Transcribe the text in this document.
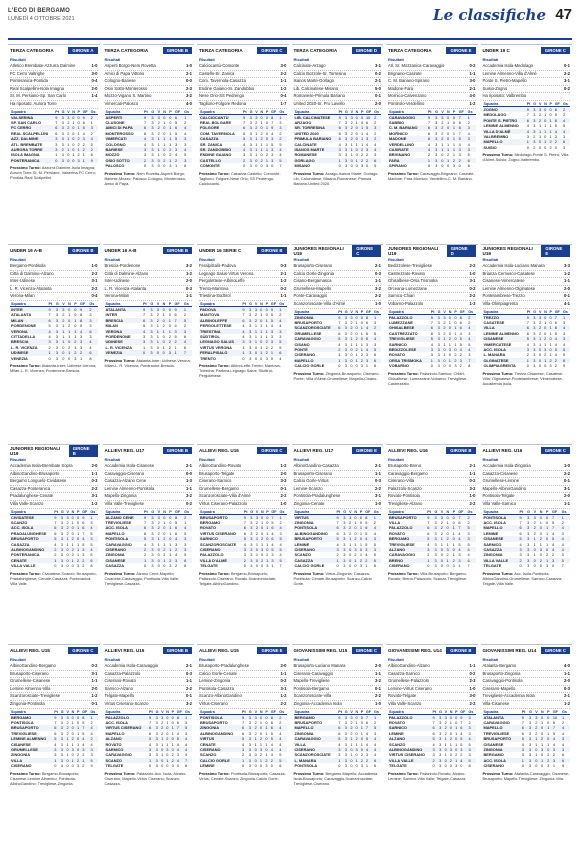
L'ECO DI BERGAMO
LUNEDÌ 4 OTTOBRE 2021	Le classifiche 47
TERZA CATEGORIA	GIRONE A
Risultati
Atletico Brembate-Azzurra Dalmine	1-0
FC Cerro Valtrighe	3-0
Ponteranica-Pontida	0-4
Real Scalpellini-Isola Imagna	2-0
Sr. M. Persiano-Sp. San Carlo	1-4
Ha riposato: Aurora Torre
Squadra	Pt	G	V	N	P	GF	Gs
VALSERINA	9	3	3	0	0	9	2
SP. SAN CARLO	7	3	2	1	0	6	1
FC CERRO	6	3	2	0	1	5	3
REAL SCALPELLINI	6	3	2	0	1	4	2
AZZ. DALMINE	3	3	1	0	2	3	4
ATL. BREMBATE	3	3	1	0	2	2	5
AURORA TORRE	3	2	1	0	1	2	2
ISOLA IMAGNA	1	3	0	1	2	1	6
PONTERANICA	0	3	0	0	3	1	9
Prossimo Turno: Azzurra Dalmine-Isola Imagna; Aurora Torre-Sr. M. Persiano; Valserina-FC Cerro; Pontida-Real Scalpellini.
TERZA CATEGORIA	GIRONE B
Risultati
Asperti Borgo-Nem Rovetta	1-0
Amici di Papa Vittorio	2-1
Cologno-Bariese	0-0
Osio Sotto-Monterosso	2-3
Mozzo-Vigano S. Martino	3-2
Vimercati-Palosco	4-0
Squadra	Pt	G	V	N	P	GF	Gs
ASPERTI	9	3	3	0	0	6	1
CLUSONE	7	3	2	1	0	5	2
AMICI DI PAPA	6	3	2	0	1	6	4
MONTEROSSO	6	3	2	0	1	5	4
VIMERCATI	4	3	1	1	1	5	3
COLOGNO	4	3	1	1	1	3	3
BARIESE	3	3	1	0	2	3	4
MOZZO	3	3	1	0	2	4	5
OSIO SOTTO	2	3	0	2	1	2	3
PALOSCO	0	3	0	0	3	1	8
Prossimo Turno: Nem Rovetta-Asperti Borgo; Bariese-Mozzo; Palosco-Cologno; Monterosso-Amici di Papa.
TERZA CATEGORIA	GIRONE C
Risultati
Calciocantù-Comonte	3-0
Castello-Sr. Zanica	2-2
Com. Tavernola-Casazza	1-1
Endine Gaiano-Sr. Zandobbio	1-2
Nese Orio-SS Pedrengo	0-4
Tagliuno-Folgore Redona	1-7
Squadra	Pt	G	V	N	P	GF	Gs
CALCIOCANTÙ	9	3	3	0	0	8	1
REAL BOLGARE	7	3	2	1	0	7	3
FOLGORE	6	3	2	0	1	9	3
COM. TAVERNOLA	5	3	1	2	0	4	2
CASAZZA	5	3	1	2	0	3	2
SR. ZANICA	4	3	1	1	1	5	5
SR. ZANDOBBIO	4	3	1	1	1	3	4
ENDINE GAIANO	3	3	1	0	2	3	4
CASTELLO	2	3	0	2	1	3	5
COMONTE	0	3	0	0	3	0	7
Prossimo Turno: Casazza-Castello; Comonte-Tagliuno; Folgore-Nese Orio; SS Pedrengo-Calciocantù.
TERZA CATEGORIA	GIRONE D
Risultati
Calcinate-Arzago	3-1
Calcio Bozzole-Sr. Torresina	0-2
Isanos Marte-Gorlago	2-1
Lib. Calcinatese-Misano	5-0
Romanese-Primula Bariano	0-1
United 2020-Sr. Pro Lavello	2-0
Squadra	Pt	G	V	N	P	GF	Gs
LIB. CALCINATESE	9	3	3	0	0	10	2
ARZAGO	7	3	2	1	0	6	2
SR. TORRESINA	6	3	2	0	1	5	3
UNITED 2020	6	3	2	0	1	4	2
PRIMULA BARIANO	6	3	2	0	1	3	2
CALCINATE	4	3	1	1	1	4	4
ISANOS MARTE	3	3	1	0	2	3	4
ROMANESE	3	3	1	0	2	2	3
GORLAGO	1	3	0	1	2	2	6
MISANO	0	3	0	0	3	0	9
Prossimo Turno: Arzago-Isanos Marte; Gorlago-Lib. Calcinatese; Misano-Romanese; Primula Bariano-United 2020.
TERZA CATEGORIA	GIRONE E
Risultati
Atl. Sr. Mozzanica-Caravaggio	0-2
Brignano-Casirate	1-1
C. M. Bariano-Spirano	3-0
Madone-Fara	2-1
Mornico-Calvenzano	4-0
Pontirolo-Verdellino	1-2
Squadra	Pt	G	V	N	P	GF	Gs
CARAVAGGIO	9	3	3	0	0	7	1
SABBIO	7	3	2	1	0	6	2
C. M. BARIANO	6	3	2	0	1	6	3
MORNICO	6	3	2	0	1	7	4
MADONE	6	3	2	0	1	5	3
VERDELLINO	4	3	1	1	1	4	4
CASIRATE	4	3	1	1	1	3	3
BRIGNANO	2	3	0	2	1	3	5
FARA	1	3	0	1	2	2	6
SPIRANO	0	3	0	0	3	0	8
Prossimo Turno: Caravaggio-Brignano; Casirate-Madone; Fara-Mornico; Verdellino-C. M. Bariano.
UNDER 19 C	GIRONE C
Risultati
Accademia Isola-Medolago	0-1
Lemine Almenno-Villa d'Almè	2-2
Ponte S. Pietro-Mapello	3-1
Suisio-Zogno	0-2
Ha riposato: Valbrembo
Squadra	Pt	G	V	N	P	GF	Gs
ZOGNO	9	3	3	0	0	8	2
MEDOLAGO	7	3	2	1	0	5	2
PONTE S. PIETRO	6	3	2	0	1	6	4
LEMINE ALMENNO	4	3	1	1	1	5	5
VILLA D'ALMÈ	4	3	1	1	1	4	4
VALBREMBO	3	2	1	0	1	3	3
MAPELLO	1	3	0	1	2	2	6
SUISIO	0	2	0	0	2	0	3
Prossimo Turno: Medolago-Ponte S. Pietro; Villa d'Almè-Suisio; Zogno-Valbrembo.
UNDER 19 A-B	GIRONE B
Risultati
Bergamo-Pontisola	1-0
Città di Dalmine-Alzano	2-2
Inter-Udinese	3-1
L. R. Vicenza-Atalanta	2-2
Verona-Milan	0-4
Squadra	Pt	G	V	N	P	GF	Gs
INTER	9	3	3	0	0	9	2
ATALANTA	7	3	2	1	0	8	3
MILAN	6	3	2	0	1	8	3
PORDENONE	5	3	1	2	0	5	3
VERONA	4	3	1	1	1	4	6
CITTADELLA	4	3	1	1	1	3	3
BRESCIA	3	3	1	0	2	3	4
L. R. VICENZA	2	3	0	2	1	3	4
UDINESE	1	3	0	1	2	2	6
VENEZIA	0	3	0	0	3	1	8
Prossimo Turno: Atalanta-Inter; Udinese-Verona; Milan-L. R. Vicenza; Pordenone-Brescia.
UNDER 16 A-B	GIRONE B
Risultati
Brescia-Pordenone	3-2
Città di Dalmine-Alzano	1-2
Inter-Udinese	2-0
L. R. Vicenza-Atalanta	0-3
Verona-Milan	1-1
Squadra	Pt	G	V	N	P	GF	Gs
ATALANTA	9	3	3	0	0	9	1
INTER	7	3	2	1	0	6	2
BRESCIA	6	3	2	0	1	7	5
MILAN	5	3	1	2	0	4	2
VERONA	4	3	1	1	1	3	3
PORDENONE	3	3	1	0	2	5	6
UDINESE	3	3	1	0	2	2	4
L. R. VICENZA	1	3	0	1	2	1	6
VENEZIA	0	3	0	0	3	1	7
Prossimo Turno: Atalanta-Inter; Udinese-Verona; Milan-L. R. Vicenza; Pordenone-Brescia.
UNDER 16 SERIE C	GIRONE B
Risultati
FeralpiSalò-Padova	0-3
Legnago Salus-Virtus Verona	2-1
Pergolettese-AlbinoLeffe	1-2
Trento-Mantova	0-2
Triestina-Südtirol	1-1
Squadra	Pt	G	V	N	P	GF	Gs
PADOVA	9	3	3	0	0	9	1
MANTOVA	7	3	2	1	0	5	2
ALBINOLEFFE	6	3	2	0	1	5	4
PERGOLETTESE	4	3	1	1	1	4	4
TRIESTINA	4	3	1	1	1	3	3
SÜDTIROL	4	3	1	1	1	3	3
LEGNAGO SALUS	3	3	1	0	2	3	5
VIRTUS VERONA	1	3	0	1	2	2	5
FERALPISALÒ	1	3	0	1	2	1	6
TRENTO	0	3	0	0	3	0	4
Prossimo Turno: AlbinoLeffe-Trento; Mantova-Triestina; Padova-Legnago Salus; Südtirol-Pergolettese.
JUNIORES REGIONALI U19
GIRONE C
Risultati
Brusaporto-Ciserano	2-1
Calcio Gorle-Zingonia	0-3
Cisano-Bergamasca	1-1
Grumellese-Mapello	3-2
Ponte-Caravaggio	2-2
Scanzorosciate-Villa d'Almè	1-0
Squadra	Pt	G	V	N	P	GF	Gs
ZINGONIA	9	3	3	0	0	8	1
BRUSAPORTO	7	3	2	1	0	6	3
SCANZOROSCIATE	6	3	2	0	1	4	2
GRUMELLESE	6	3	2	0	1	6	5
CARAVAGGIO	5	3	1	2	0	5	4
CISANO	4	3	1	1	1	3	3
PONTE	2	3	0	2	1	4	5
CISERANO	1	3	0	1	2	3	6
MAPELLO	1	3	0	1	2	3	6
CALCIO GORLE	0	3	0	0	3	1	8
Prossimo Turno: Zingonia-Brusaporto; Ciserano-Ponte; Villa d'Almè-Grumellese; Mapello-Cisano.
JUNIORES REGIONALI U19
GIRONE D
Risultati
Bedizzolese-Trevigliese	2-2
Castrezzato-Rovato	1-0
Ghisalbese-Orsa Trismoka	3-1
Orceana-Lumezzane	0-2
Sarnico-Chiari	2-2
Vobarno-Palazzolo	1-3
Squadra	Pt	G	V	N	P	GF	Gs
PALAZZOLO	9	3	3	0	0	8	2
LUMEZZANE	7	3	2	1	0	6	2
GHISALBESE	6	3	2	0	1	6	4
CASTREZZATO	6	3	2	0	1	4	3
TREVIGLIESE	5	3	1	2	0	5	4
SARNICO	4	3	1	1	1	5	5
BEDIZZOLESE	3	3	0	3	0	4	4
ROVATO	3	3	1	0	2	2	3
ORSA TRISMOKA	1	3	0	1	2	3	7
VOBARNO	0	3	0	0	3	2	8
Prossimo Turno: Palazzolo-Sarnico; Chiari-Ghisalbese; Lumezzane-Vobarno; Trevigliese-Castrezzato.
JUNIORES REGIONALI U19
GIRONE E
Risultati
Accademia Isola-Luciano Manara	3-3
Brianza Cernusco-Casatese	1-2
Cisanese-Vimercatese	1-1
Lemine Almenno-Olginatese	2-0
Pontelambrese-Trezzo	0-1
Villa-Olimpiagrenta	4-1
Squadra	Pt	G	V	N	P	GF	Gs
TREZZO	9	3	3	0	0	7	1
CASATESE	7	3	2	1	0	6	3
VILLA	6	3	2	0	1	8	4
LEMINE ALMENNO	6	3	2	0	1	5	3
CISANESE	5	3	1	2	0	4	3
VIMERCATESE	4	3	1	1	1	4	4
ACC. ISOLA	3	3	0	3	0	5	5
L. MANARA	2	3	0	2	1	4	5
OLGINATESE	1	3	0	1	2	2	6
OLIMPIAGRENTA	0	3	0	0	3	2	9
Prossimo Turno: Trezzo-Cisanese; Casatese-Villa; Olginatese-Pontelambrese; Vimercatese-Accademia Isola.
JUNIORES REGIONALI U19
GIRONE B
Risultati
Accademia Isola-Brembate Sopra	2-0
AlbinoGandino-Brusaporto	1-1
Bergamo Longuelo-Cividatese	0-3
Casazza-Ponteranica	2-2
Pradalunghese-Cenate	3-1
Villa Valle-Scanzo	1-2
Squadra	Pt	G	V	N	P	GF	Gs
CIVIDATESE	9	3	3	0	0	9	1
SCANZO	7	3	2	1	0	6	3
ACC. ISOLA	6	3	2	0	1	6	4
PRADALUNGHESE	6	3	2	0	1	7	5
BRUSAPORTO	5	3	1	2	0	4	3
CASAZZA	4	3	1	1	1	5	5
ALBINOGANDINO	2	3	0	2	1	3	4
PONTERANICA	2	3	0	2	1	3	5
CENATE	1	3	0	1	2	2	6
VILLA VALLE	0	3	0	0	3	2	8
Prossimo Turno: Cividatese-Scanzo; Brusaporto-Pradalunghese; Cenate-Casazza; Ponteranica-Villa Valle.
ALLIEVI REG. U17	GIRONE B
Risultati
Accademia Isola-Cisanese	2-1
Caravaggio-Ciserano	0-0
Casazza-Alzano Cene	1-3
Lemine Almenno-Pontisola	1-1
Mapello-Zingonia	3-2
Villa Valle-Trevigliese	0-2
Squadra	Pt	G	V	N	P	GF	Gs
ALZANO CENE	9	3	3	0	0	8	2
TREVIGLIESE	7	3	2	1	0	5	1
ACC. ISOLA	6	3	2	0	1	6	4
MAPELLO	6	3	2	0	1	6	5
PONTISOLA	5	3	1	2	0	4	3
CARAVAGGIO	4	3	1	1	1	3	3
CISERANO	2	3	0	2	1	2	3
ZINGONIA	2	3	0	2	1	4	5
CISANESE	1	3	0	1	2	3	6
CASAZZA	0	3	0	0	3	2	8
Prossimo Turno: Alzano Cene-Mapello; Cisanese-Caravaggio; Pontisola-Villa Valle; Trevigliese-Casazza.
ALLIEVI REG. U16	GIRONE C
Risultati
AlbinoGandino-Rovato	1-2
Brusaporto-Telgate	2-0
Ciserano-Sarnico	3-3
Grumellese-Bergamo	0-1
Scanzorosciate-Villa d'Almè	2-2
Virtus Ciserano-Palazzolo	1-0
Squadra	Pt	G	V	N	P	GF	Gs
BRUSAPORTO	9	3	3	0	0	7	1
BERGAMO	7	3	2	1	0	5	2
ROVATO	6	3	2	0	1	6	4
VIRTUS CISERANO	6	3	2	0	1	4	3
SARNICO	5	3	1	2	0	6	5
SCANZOROSCIATE	4	3	1	1	1	4	4
CISERANO	3	3	0	3	0	5	5
PALAZZOLO	3	3	1	0	2	3	4
VILLA D'ALMÈ	2	3	0	2	1	3	5
TELGATE	0	3	0	0	3	1	7
Prossimo Turno: Bergamo-Brusaporto; Palazzolo-Ciserano; Rovato-Scanzorosciate; Telgate-AlbinoGandino.
ALLIEVI REG. U17	GIRONE E
Risultati
AlbinoGandino-Casazza	2-1
Brusaporto-Ciserano	1-1
Calcio Gorle-Virtus	0-3
Lemine-Scanzo	2-2
Pontisola-Pradalunghese	3-1
Zingonia-Cenate	1-0
Squadra	Pt	G	V	N	P	GF	Gs
VIRTUS	9	3	3	0	0	8	1
ZINGONIA	7	3	2	1	0	5	2
PONTISOLA	6	3	2	0	1	6	4
ALBINOGANDINO	6	3	2	0	1	5	4
BRUSAPORTO	5	3	1	2	0	4	3
LEMINE	4	3	1	1	1	5	5
CISERANO	3	3	0	3	0	3	3
SCANZO	2	3	0	2	1	4	5
CASAZZA	1	3	0	1	2	2	5
CALCIO GORLE	0	3	0	0	3	1	8
Prossimo Turno: Virtus-Zingonia; Casazza-Pontisola; Cenate-Brusaporto; Scanzo-Calcio Gorle.
ALLIEVI REG. U16	GIRONE B
Risultati
Brusaporto-Breno	2-1
Caravaggio-Bergamo	1-1
Ciserano-Villa	0-2
Palazzolo-Scanzo	3-2
Rovato-Pontisola	1-0
Trevigliese-Alzano	2-2
Squadra	Pt	G	V	N	P	GF	Gs
BRUSAPORTO	9	3	3	0	0	7	2
VILLA	7	3	2	1	0	6	2
PALAZZOLO	6	3	2	0	1	7	5
ROVATO	6	3	2	0	1	4	3
BERGAMO	5	3	1	2	0	4	3
TREVIGLIESE	4	3	1	1	1	5	5
ALZANO	3	3	0	3	0	4	4
CARAVAGGIO	2	3	0	2	1	3	4
BRENO	1	3	0	1	2	3	6
CISERANO	0	3	0	0	3	1	7
Prossimo Turno: Villa-Brusaporto; Bergamo-Rovato; Breno-Palazzolo; Scanzo-Trevigliese.
ALLIEVI REG. U16	GIRONE C
Risultati
Accademia Isola-Zingonia	1-0
Casazza-Cisanese	2-2
Grumellese-Lemine	0-1
Mapello-AlbinoGandino	3-1
Pontisola-Telgate	2-0
Villa Valle-Sarnico	1-1
Squadra	Pt	G	V	N	P	GF	Gs
PONTISOLA	9	3	3	0	0	7	1
ACC. ISOLA	7	3	2	1	0	5	2
MAPELLO	6	3	2	0	1	7	4
LEMINE	6	3	2	0	1	4	3
CISANESE	5	3	1	2	0	5	4
SARNICO	4	3	1	1	1	4	4
CASAZZA	3	3	0	3	0	4	4
ZINGONIA	3	3	1	0	2	2	3
VILLA VALLE	2	3	0	2	1	3	5
TELGATE	0	3	0	0	3	0	7
Prossimo Turno: Acc. Isola-Pontisola; AlbinoGandino-Grumellese; Sarnico-Casazza; Telgate-Villa Valle.
ALLIEVI REG. U15	GIRONE C
Risultati
AlbinoGandino-Bergamo	0-2
Brusaporto-Ciserano	3-1
Grumellese-Cisanese	1-1
Lemine Almenno-Villa	2-0
Scanzorosciate-Trevigliese	1-2
Zingonia-Pontisola	0-1
Squadra	Pt	G	V	N	P	GF	Gs
BERGAMO	9	3	3	0	0	8	1
PONTISOLA	7	3	2	1	0	5	2
BRUSAPORTO	6	3	2	0	1	7	4
TREVIGLIESE	6	3	2	0	1	5	4
LEMINE ALMENNO	5	3	1	2	0	4	2
CISANESE	4	3	1	1	1	4	4
GRUMELLESE	3	3	0	3	0	3	3
ZINGONIA	3	3	1	0	2	2	3
VILLA	1	3	0	1	2	1	5
CISERANO	0	3	0	0	3	2	9
Prossimo Turno: Bergamo-Brusaporto; Cisanese-Lemine Almenno; Pontisola-AlbinoGandino; Trevigliese-Zingonia.
ALLIEVI REG. U15	GIRONE B
Risultati
Accademia Isola-Caravaggio	2-1
Casazza-Palazzolo	0-3
Ciserano-Rovato	1-1
Sarnico-Alzano	2-2
Telgate-Mapello	0-1
Virtus Ciserano-Scanzo	3-2
Squadra	Pt	G	V	N	P	GF	Gs
PALAZZOLO	9	3	3	0	0	8	1
ACC. ISOLA	7	3	2	1	0	6	3
VIRTUS CISERANO	6	3	2	0	1	7	5
MAPELLO	6	3	2	0	1	4	3
ALZANO	5	3	1	2	0	5	4
ROVATO	4	3	1	1	1	4	4
SARNICO	3	3	0	3	0	4	4
CARAVAGGIO	3	3	1	0	2	3	4
SCANZO	1	3	0	1	2	4	7
TELGATE	0	3	0	0	3	0	6
Prossimo Turno: Palazzolo-Acc. Isola; Alzano-Ciserano; Mapello-Virtus Ciserano; Scanzo-Casazza.
ALLIEVI REG. U15	GIRONE E
Risultati
Brusaporto-Pradalunghese	2-0
Calcio Gorle-Cenate	1-1
Lemine-Zingonia	0-2
Pontisola-Casazza	3-1
Scanzo-AlbinoGandino	1-2
Virtus-Ciserano	2-2
Squadra	Pt	G	V	N	P	GF	Gs
PONTISOLA	9	3	3	0	0	8	2
BRUSAPORTO	7	3	2	1	0	6	2
ZINGONIA	6	3	2	0	1	6	4
ALBINOGANDINO	6	3	2	0	1	5	4
VIRTUS	5	3	1	2	0	5	4
CENATE	4	3	1	1	1	4	4
CISERANO	3	3	0	3	0	4	4
SCANZO	2	3	0	2	1	4	5
CALCIO GORLE	1	3	0	1	2	2	5
LEMINE	0	3	0	0	3	0	8
Prossimo Turno: Pontisola-Brusaporto; Casazza-Virtus; Cenate-Scanzo; Zingonia-Calcio Gorle.
GIOVANISSIMI REG. U15	GIRONE C
Risultati
Brusaporto-Luciano Manara	2-0
Ciserano-Caravaggio	1-1
Mapello-Trevigliese	3-2
Pontisola-Bergamo	0-1
Scanzorosciate-Villa	2-2
Zingonia-Accademia Isola	1-0
Squadra	Pt	G	V	N	P	GF	Gs
BERGAMO	9	3	3	0	0	7	1
BRUSAPORTO	7	3	2	1	0	6	2
MAPELLO	6	3	2	0	1	7	5
ZINGONIA	6	3	2	0	1	4	3
CARAVAGGIO	5	3	1	2	0	5	4
VILLA	4	3	1	1	1	4	4
CISERANO	3	3	0	3	0	4	4
SCANZOROSCIATE	3	3	1	0	2	3	4
L. MANARA	1	3	0	1	2	2	6
PONTISOLA	0	3	0	0	3	1	6
Prossimo Turno: Bergamo-Mapello; Accademia Isola-Brusaporto; Caravaggio-Scanzorosciate; Trevigliese-Ciserano.
GIOVANISSIMI REG. U14	GIRONE B
Risultati
AlbinoGandino-Alzano	1-1
Casazza-Sarnico	0-2
Grumellese-Palazzolo	2-3
Lemine-Virtus Ciserano	1-0
Rovato-Telgate	3-0
Villa Valle-Scanzo	2-2
Squadra	Pt	G	V	N	P	GF	Gs
PALAZZOLO	9	3	3	0	0	9	3
ROVATO	7	3	2	1	0	7	2
SARNICO	6	3	2	0	1	6	3
LEMINE	6	3	2	0	1	4	3
ALZANO	5	3	1	2	0	5	4
SCANZO	4	3	1	1	1	5	5
ALBINOGANDINO	3	3	0	3	0	3	3
VIRTUS CISERANO	3	3	1	0	2	2	3
VILLA VALLE	2	3	0	2	1	4	5
TELGATE	0	3	0	0	3	0	8
Prossimo Turno: Palazzolo-Rovato; Alzano-Lemine; Sarnico-Villa Valle; Telgate-Casazza.
GIOVANISSIMI REG. U14	GIRONE C
Risultati
Atalanta-Bergamo	4-0
Brusaporto-Zingonia	1-1
Caravaggio-Pontisola	2-0
Ciserano-Mapello	0-3
Trevigliese-Accademia Isola	2-1
Villa-Cisanese	1-2
Squadra	Pt	G	V	N	P	GF	Gs
ATALANTA	9	3	3	0	0	10	1
CARAVAGGIO	7	3	2	1	0	6	2
MAPELLO	6	3	2	0	1	7	4
TREVIGLIESE	6	3	2	0	1	5	4
BRUSAPORTO	5	3	1	2	0	4	3
CISANESE	4	3	1	1	1	4	4
ZINGONIA	3	3	0	3	0	3	3
BERGAMO	3	3	1	0	2	2	6
ACC. ISOLA	1	3	0	1	2	3	6
CISERANO	0	3	0	0	3	1	9
Prossimo Turno: Atalanta-Caravaggio; Cisanese-Brusaporto; Mapello-Trevigliese; Zingonia-Villa.
